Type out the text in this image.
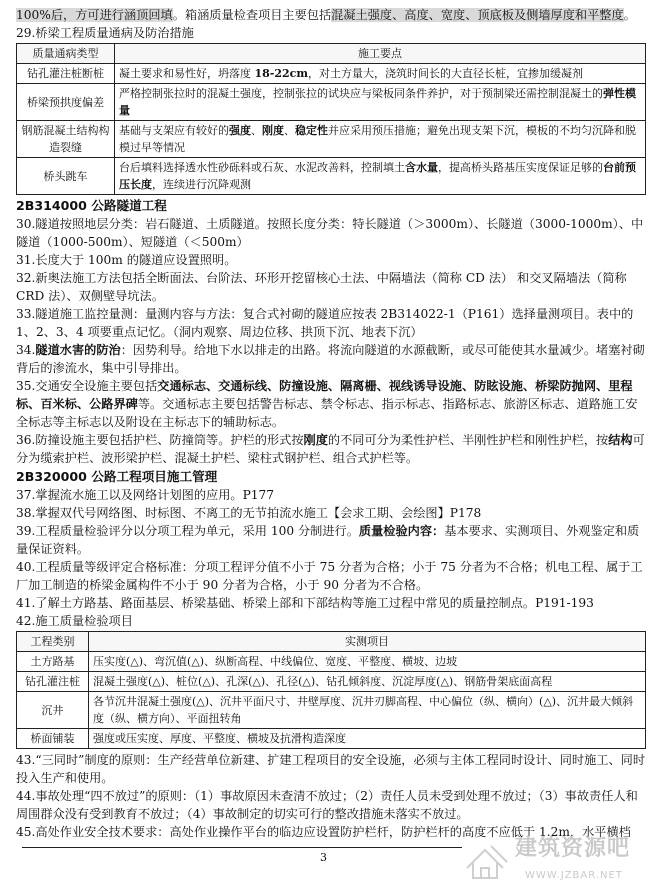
100%后，方可进行涵顶回填。箱涵质量检查项目主要包括混凝土强度、高度、宽度、顶底板及侧墙厚度和平整度。

29.桥梁工程质量通病及防治措施

质量通病类型	施工要点
钻孔灌注桩断桩	凝土要求和易性好，坍落度 18-22cm，对土方量大，浇筑时间长的大直径长桩，宜掺加缓凝剂
桥梁预拱度偏差	严格控制张拉时的混凝土强度，控制张拉的试块应与梁板同条件养护，对于预制梁还需控制混凝土的弹性模量
钢筋混凝土结构构造裂缝	基础与支架应有较好的强度、刚度、稳定性并应采用预压措施；避免出现支架下沉，模板的不均匀沉降和脱模过早等情况
桥头跳车	台后填料选择透水性砂砾料或石灰、水泥改善料，控制填土含水量，提高桥头路基压实度保证足够的台前预压长度，连续进行沉降观测

2B314000 公路隧道工程

30.隧道按照地层分类：岩石隧道、土质隧道。按照长度分类：特长隧道（＞3000m）、长隧道（3000-1000m）、中隧道（1000-500m）、短隧道（＜500m）

31.长度大于 100m 的隧道应设置照明。

32.新奥法施工方法包括全断面法、台阶法、环形开挖留核心土法、中隔墙法（简称 CD 法） 和交叉隔墙法（简称 CRD 法）、双侧壁导坑法。

33.隧道施工监控量测：量测内容与方法：复合式衬砌的隧道应按表 2B314022-1（P161）选择量测项目。表中的 1、2、3、4 项要重点记忆。（洞内观察、周边位移、拱顶下沉、地表下沉）

34.隧道水害的防治：因势利导。给地下水以排走的出路。将流向隧道的水源截断，或尽可能使其水量减少。堵塞衬砌背后的渗流水，集中引导排出。

35.交通安全设施主要包括交通标志、交通标线、防撞设施、隔离栅、视线诱导设施、防眩设施、桥梁防抛网、里程标、百米标、公路界碑等。交通标志主要包括警告标志、禁令标志、指示标志、指路标志、旅游区标志、道路施工安全标志等主标志以及附设在主标志下的辅助标志。

36.防撞设施主要包括护栏、防撞筒等。护栏的形式按刚度的不同可分为柔性护栏、半刚性护栏和刚性护栏，按结构可分为缆索护栏、波形梁护栏、混凝土护栏、梁柱式钢护栏、组合式护栏等。

2B320000 公路工程项目施工管理

37.掌握流水施工以及网络计划图的应用。P177

38.掌握双代号网络图、时标图、不离工的无节拍流水施工【会求工期、会绘图】P178

39.工程质量检验评分以分项工程为单元，采用 100 分制进行。质量检验内容：基本要求、实测项目、外观鉴定和质量保证资料。

40.工程质量等级评定合格标准：分项工程评分值不小于 75 分者为合格；小于 75 分者为不合格；机电工程、属于工厂加工制造的桥梁金属构件不小于 90 分者为合格，小于 90 分者为不合格。

41.了解土方路基、路面基层、桥梁基础、桥梁上部和下部结构等施工过程中常见的质量控制点。P191-193

42.施工质量检验项目

工程类别	实测项目
土方路基	压实度(△)、弯沉值(△)、纵断高程、中线偏位、宽度、平整度、横坡、边坡
钻孔灌注桩	混凝土强度(△)、桩位(△)、孔深(△)、孔径(△)、钻孔倾斜度、沉淀厚度(△)、钢筋骨架底面高程
沉井	各节沉井混凝土强度(△)、沉井平面尺寸、井壁厚度、沉井刃脚高程、中心偏位（纵、横向）(△)、沉井最大倾斜度（纵、横方向）、平面扭转角
桥面铺装	强度或压实度、厚度、平整度、横坡及抗滑构造深度

43.“三同时”制度的原则：生产经营单位新建、扩建工程项目的安全设施，必须与主体工程同时设计、同时施工、同时投入生产和使用。

44.事故处理“四不放过”的原则：（1）事故原因未查清不放过；（2）责任人员未受到处理不放过；（3）事故责任人和周围群众没有受到教育不放过；（4）事故制定的切实可行的整改措施未落实不放过。

45.高处作业安全技术要求：高处作业操作平台的临边应设置防护栏杆，防护栏杆的高度不应低于 1.2m，水平横档

3	建筑资源吧
WWW.JZBAR.NET
